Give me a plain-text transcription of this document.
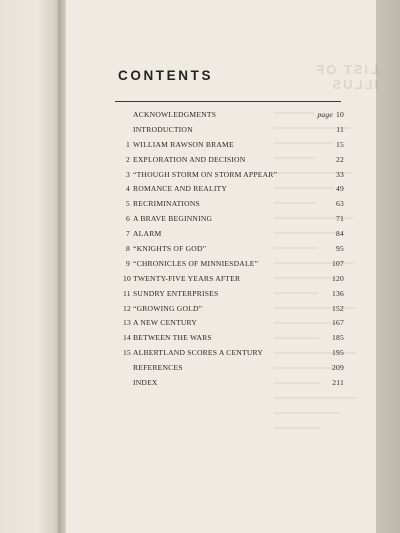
CONTENTS
ACKNOWLEDGMENTS	page 10
INTRODUCTION	11
1 WILLIAM RAWSON BRAME	15
2 EXPLORATION AND DECISION	22
3 “THOUGH STORM ON STORM APPEAR”	33
4 ROMANCE AND REALITY	49
5 RECRIMINATIONS	63
6 A BRAVE BEGINNING	71
7 ALARM	84
8 “KNIGHTS OF GOD”	95
9 “CHRONICLES OF MINNIESDALE”	107
10 TWENTY-FIVE YEARS AFTER	120
11 SUNDRY ENTERPRISES	136
12 “GROWING GOLD”	152
13 A NEW CENTURY	167
14 BETWEEN THE WARS	185
15 ALBERTLAND SCORES A CENTURY	195
REFERENCES	209
INDEX	211
